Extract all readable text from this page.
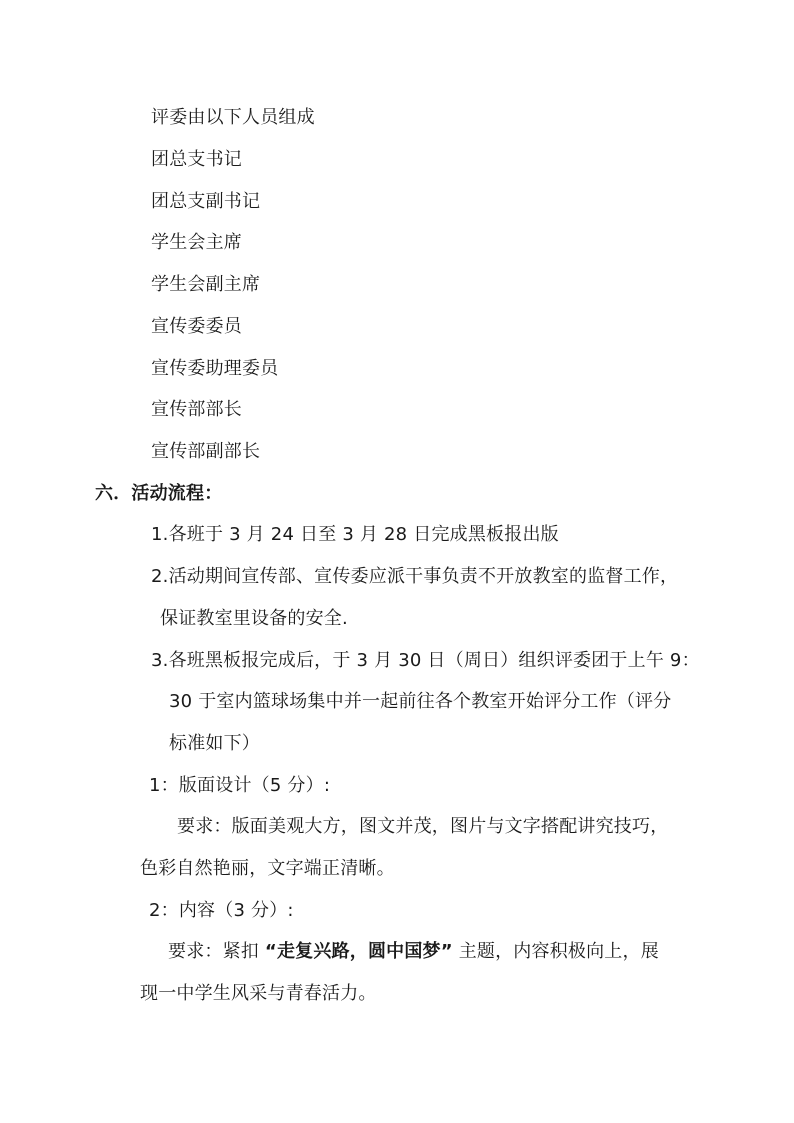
评委由以下人员组成
团总支书记
团总支副书记
学生会主席
学生会副主席
宣传委委员
宣传委助理委员
宣传部部长
宣传部副部长
六．活动流程：
1.各班于 3 月 24 日至 3 月 28 日完成黑板报出版
2.活动期间宣传部、宣传委应派干事负责不开放教室的监督工作，
保证教室里设备的安全.
3.各班黑板报完成后，于 3 月 30 日（周日）组织评委团于上午 9：
30 于室内篮球场集中并一起前往各个教室开始评分工作（评分
标准如下）
1：版面设计（5 分）:
要求：版面美观大方，图文并茂，图片与文字搭配讲究技巧，
色彩自然艳丽，文字端正清晰。
2：内容（3 分）:
要求：紧扣 “走复兴路，圆中国梦” 主题，内容积极向上，展
现一中学生风采与青春活力。
